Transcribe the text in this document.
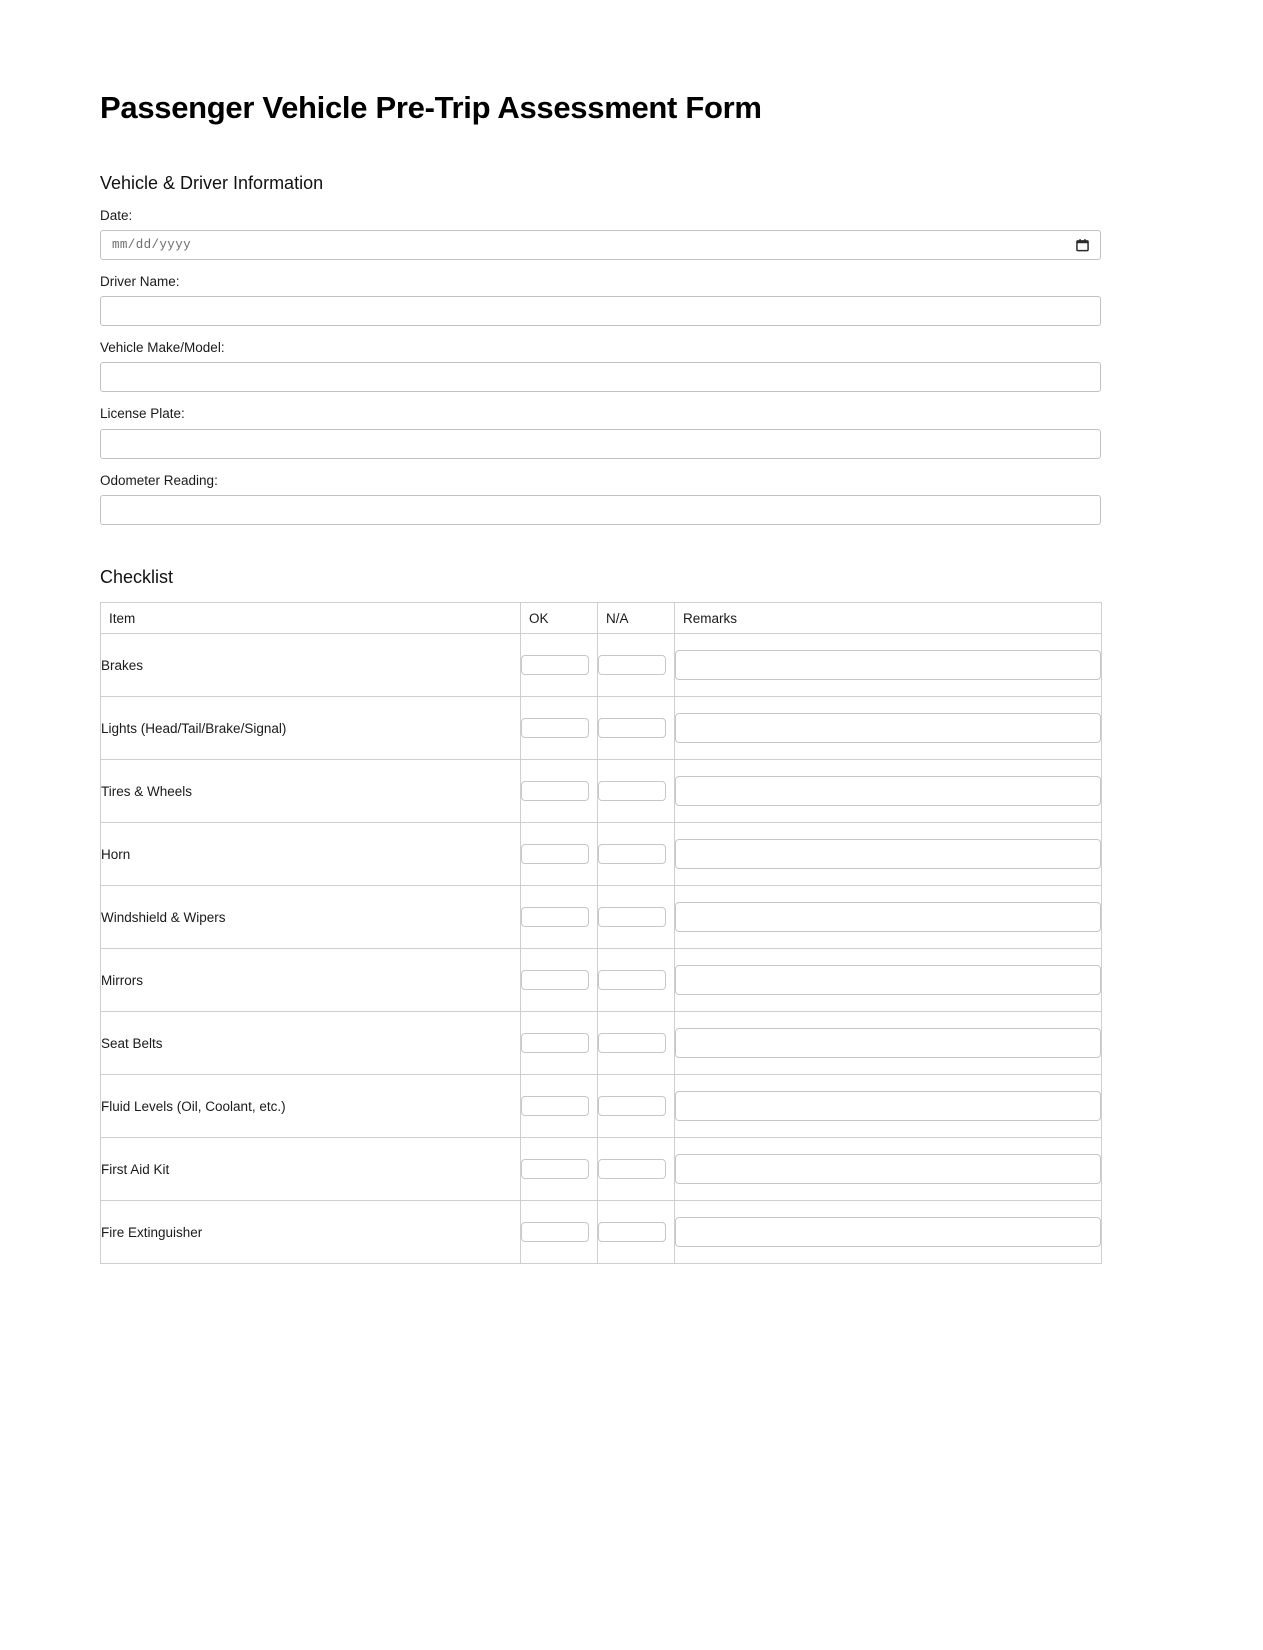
Passenger Vehicle Pre-Trip Assessment Form
Vehicle & Driver Information
Date:
mm/dd/yyyy
Driver Name:
Vehicle Make/Model:
License Plate:
Odometer Reading:
Checklist
Item	OK	N/A	Remarks
Brakes			

Lights (Head/Tail/Brake/Signal)			

Tires & Wheels			

Horn			

Windshield & Wipers			

Mirrors			

Seat Belts			

Fluid Levels (Oil, Coolant, etc.)			

First Aid Kit			

Fire Extinguisher			
